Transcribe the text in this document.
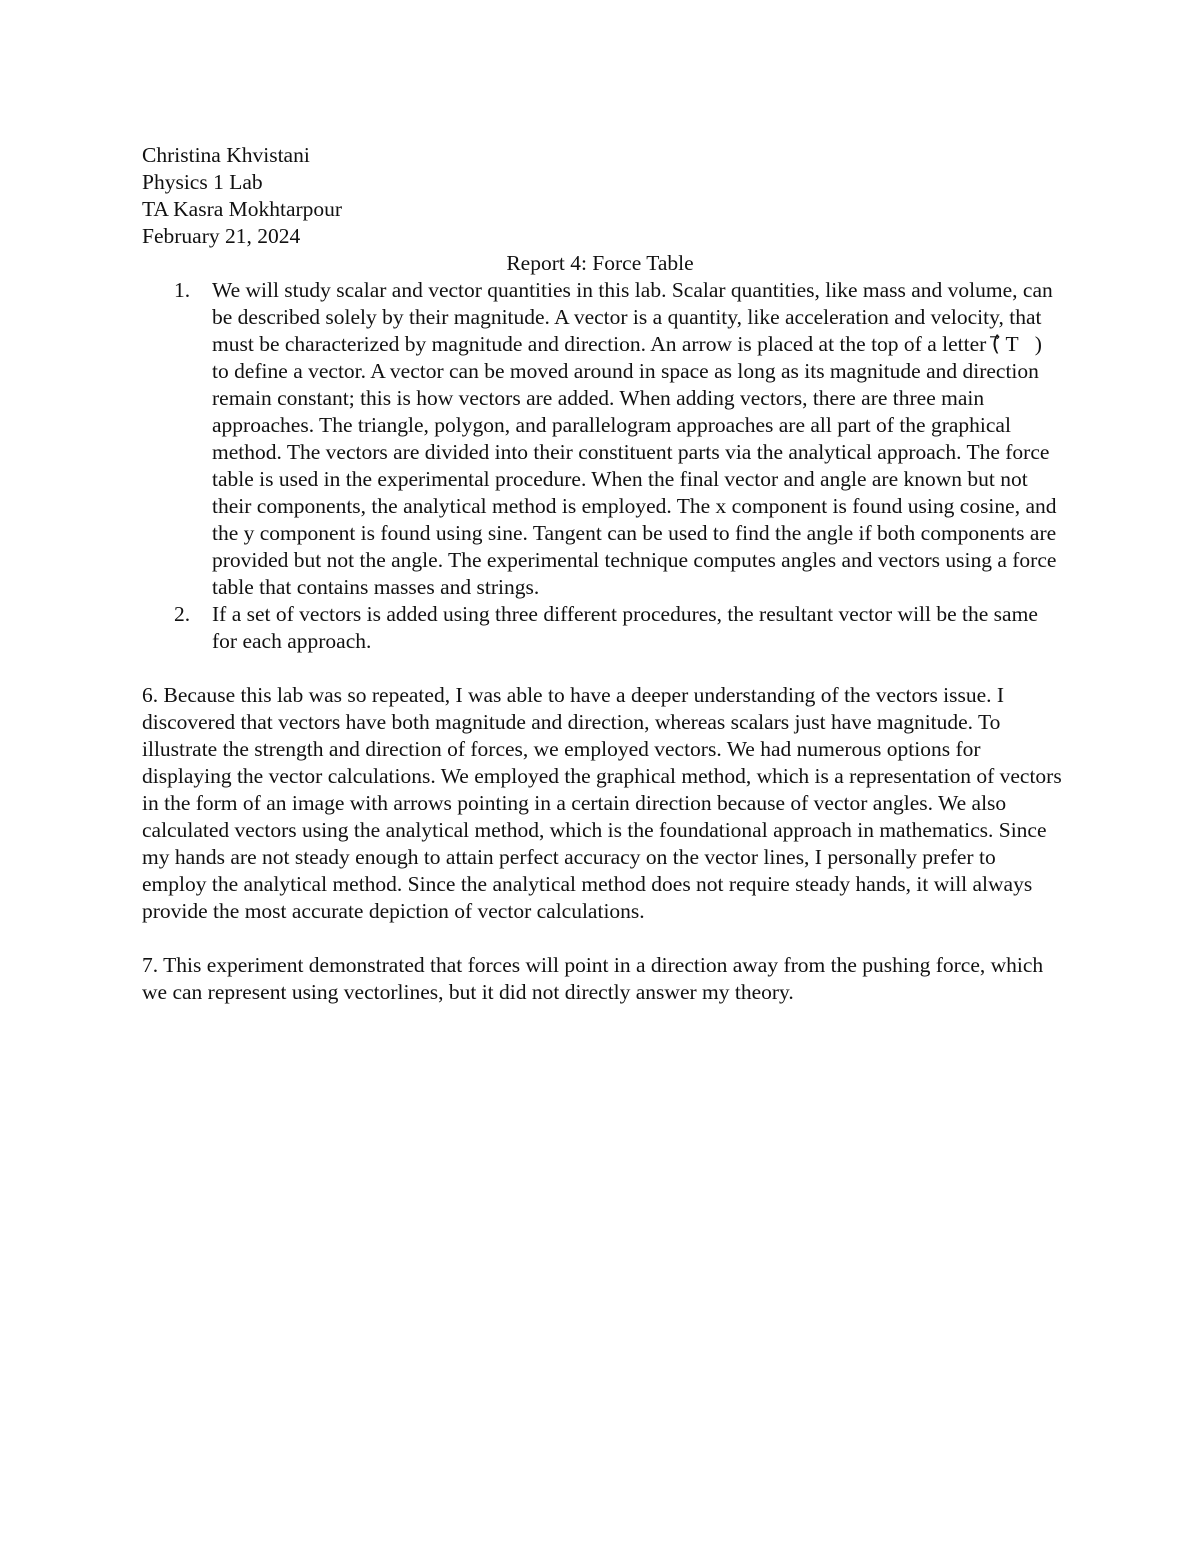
Christina Khvistani
Physics 1 Lab
TA Kasra Mokhtarpour
February 21, 2024
Report 4: Force Table
1. We will study scalar and vector quantities in this lab. Scalar quantities, like mass and volume, can be described solely by their magnitude. A vector is a quantity, like acceleration and velocity, that must be characterized by magnitude and direction. An arrow is placed at the top of a letter (⃗ T   ) to define a vector. A vector can be moved around in space as long as its magnitude and direction remain constant; this is how vectors are added. When adding vectors, there are three main approaches. The triangle, polygon, and parallelogram approaches are all part of the graphical method. The vectors are divided into their constituent parts via the analytical approach. The force table is used in the experimental procedure. When the final vector and angle are known but not their components, the analytical method is employed. The x component is found using cosine, and the y component is found using sine. Tangent can be used to find the angle if both components are provided but not the angle. The experimental technique computes angles and vectors using a force table that contains masses and strings.
2. If a set of vectors is added using three different procedures, the resultant vector will be the same for each approach.
6. Because this lab was so repeated, I was able to have a deeper understanding of the vectors issue. I discovered that vectors have both magnitude and direction, whereas scalars just have magnitude. To illustrate the strength and direction of forces, we employed vectors. We had numerous options for displaying the vector calculations. We employed the graphical method, which is a representation of vectors in the form of an image with arrows pointing in a certain direction because of vector angles. We also calculated vectors using the analytical method, which is the foundational approach in mathematics. Since my hands are not steady enough to attain perfect accuracy on the vector lines, I personally prefer to employ the analytical method. Since the analytical method does not require steady hands, it will always provide the most accurate depiction of vector calculations.
7. This experiment demonstrated that forces will point in a direction away from the pushing force, which we can represent using vectorlines, but it did not directly answer my theory.
